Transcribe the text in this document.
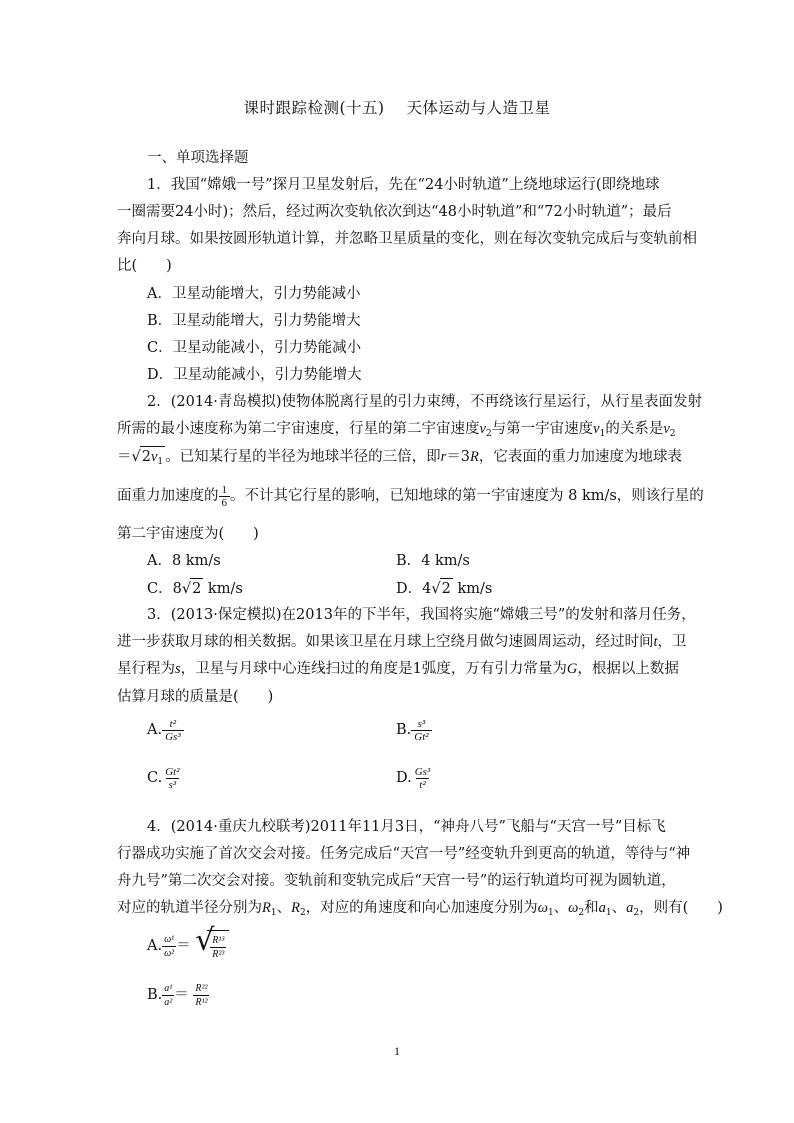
课时跟踪检测(十五) 天体运动与人造卫星
一、单项选择题
1．我国“嫦娥一号”探月卫星发射后，先在“24小时轨道”上绕地球运行(即绕地球
一圈需要24小时)；然后，经过两次变轨依次到达“48小时轨道”和“72小时轨道”；最后
奔向月球。如果按圆形轨道计算，并忽略卫星质量的变化，则在每次变轨完成后与变轨前相
比(　　)
A．卫星动能增大，引力势能减小
B．卫星动能增大，引力势能增大
C．卫星动能减小，引力势能减小
D．卫星动能减小，引力势能增大
2．(2014·青岛模拟)使物体脱离行星的引力束缚，不再绕该行星运行，从行星表面发射
所需的最小速度称为第二宇宙速度，行星的第二宇宙速度$v_2$与第一宇宙速度$v_1$的关系是$v_2$
$=√2v_1$ 。已知某行星的半径为地球半径的三倍，即r＝3R，它表面的重力加速度为地球表
面重力加速度的 $\frac{1}{6}$ 。不计其它行星的影响，已知地球的第一宇宙速度为 8 km/s，则该行星的
第二宇宙速度为(　　)
A．8 km/s	B．4 km/s
C．8√2 km/s	D．4√2 km/s
3．(2013·保定模拟)在2013年的下半年，我国将实施“嫦娥三号”的发射和落月任务，
进一步获取月球的相关数据。如果该卫星在月球上空绕月做匀速圆周运动，经过时间t，卫
星行程为s，卫星与月球中心连线扫过的角度是1弧度，万有引力常量为G，根据以上数据
估算月球的质量是(　　)
A. $\frac{\text{t²}}{\text{Gs³}}$	B. $\frac{\text{s³}}{\text{Gt²}}$
C. $\frac{\text{Gt²}}{\text{s³}}$	D. $\frac{\text{Gs³}}{\text{t²}}$
4．(2014·重庆九校联考)2011年11月3日，“神舟八号”飞船与“天宫一号”目标飞
行器成功实施了首次交会对接。任务完成后“天宫一号”经变轨升到更高的轨道，等待与“神
舟九号”第二次交会对接。变轨前和变轨完成后“天宫一号”的运行轨道均可视为圆轨道，
对应的轨道半径分别为$R_1$、$R_2$，对应的角速度和向心加速度分别为$\omega_1$、$\omega_2$和$a_1$、$a_2$，则有(　　)
A. $\frac{\text{ω¹}}{\text{ω²}}$ ＝ √
$\frac{\text{R¹³}}{\text{R²³}}$
B. $\frac{\text{a¹}}{\text{a²}} = \frac{\text{R²²}}{\text{R¹²}}$
1
